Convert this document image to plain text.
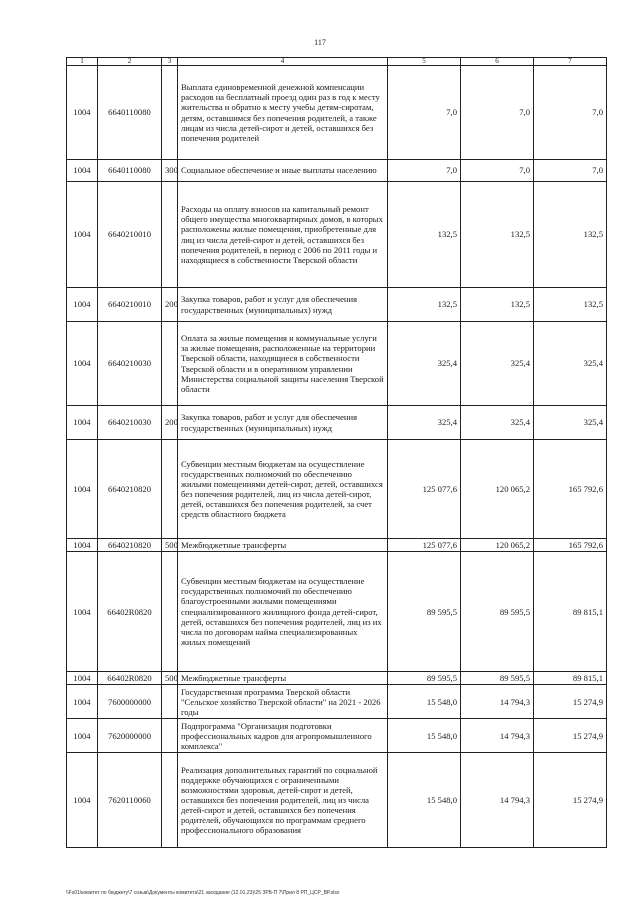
117
1	2	3	4	5	6	7
1004	6640110080		Выплата единовременной денежной компенсации расходов на бесплатный проезд один раз в год к месту жительства и обратно к месту учебы детям-сиротам, детям, оставшимся без попечения родителей, а также лицам из числа детей-сирот и детей, оставшихся без попечения родителей	7,0	7,0	7,0
1004	6640110080	300	Социальное обеспечение и иные выплаты населению	7,0	7,0	7,0
1004	6640210010		Расходы на оплату взносов на капитальный ремонт общего имущества многоквартирных домов, в которых расположены жилые помещения, приобретенные для лиц из числа детей-сирот и детей, оставшихся без попечения родителей, в период с 2006 по 2011 годы и находящиеся в собственности Тверской области	132,5	132,5	132,5
1004	6640210010	200	Закупка товаров, работ и услуг для обеспечения государственных (муниципальных) нужд	132,5	132,5	132,5
1004	6640210030		Оплата за жилые помещения и коммунальные услуги за жилые помещения, расположенные на территории Тверской области, находящиеся в собственности Тверской области и в оперативном управлении Министерства социальной защиты населения Тверской области	325,4	325,4	325,4
1004	6640210030	200	Закупка товаров, работ и услуг для обеспечения государственных (муниципальных) нужд	325,4	325,4	325,4
1004	6640210820		Субвенции местным бюджетам на осуществление государственных полномочий по обеспечению жилыми помещениями детей-сирот, детей, оставшихся без попечения родителей, лиц из числа детей-сирот, детей, оставшихся без попечения родителей, за счет средств областного бюджета	125 077,6	120 065,2	165 792,6
1004	6640210820	500	Межбюджетные трансферты	125 077,6	120 065,2	165 792,6
1004	66402R0820		Субвенции местным бюджетам на осуществление государственных полномочий по обеспечению благоустроенными жилыми помещениями специализированного жилищного фонда детей-сирот, детей, оставшихся без попечения родителей, лиц из их числа по договорам найма специализированных жилых помещений	89 595,5	89 595,5	89 815,1
1004	66402R0820	500	Межбюджетные трансферты	89 595,5	89 595,5	89 815,1
1004	7600000000		Государственная программа Тверской области "Сельское хозяйство Тверской области" на 2021 - 2026 годы	15 548,0	14 794,3	15 274,9
1004	7620000000		Подпрограмма "Организация подготовки профессиональных кадров для агропромышленного комплекса"	15 548,0	14 794,3	15 274,9
1004	7620110060		Реализация дополнительных гарантий по социальной поддержке обучающихся с ограниченными возможностями здоровья, детей-сирот и детей, оставшихся без попечения родителей, лиц из числа детей-сирот и детей, оставшихся без попечения родителей, обучающихся по программам среднего профессионального образования	15 548,0	14 794,3	15 274,9
\\Fs01\комитет по бюджету\7 созыв\Документы комитета\21 заседание (12.01.23)\25 ЗРБ-П 7\Прил 8 РП_ЦСР_ВР.xlsx
